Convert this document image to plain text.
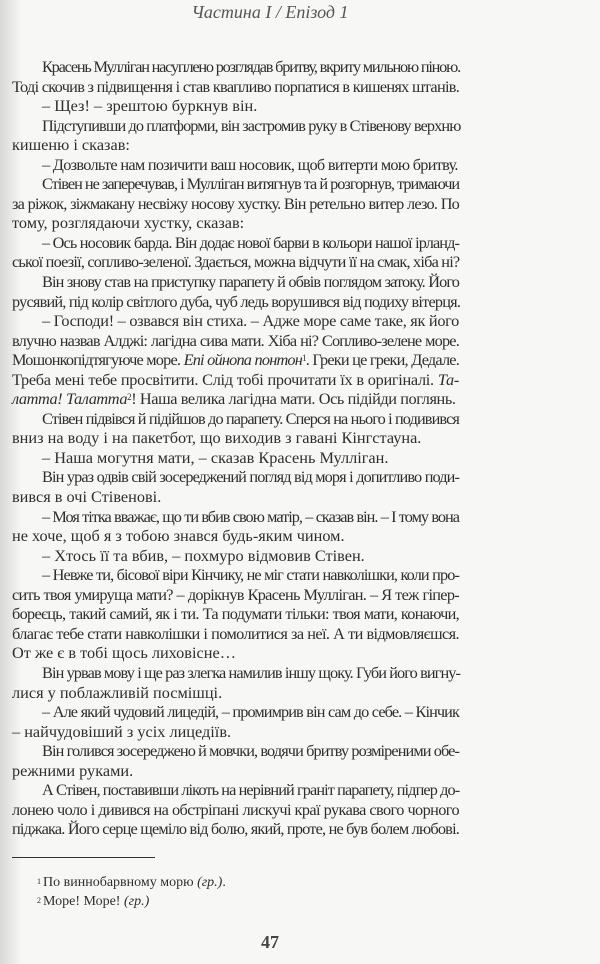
Частина I / Епізод 1
Красень Мулліган насуплено розглядав бритву, вкриту мильною піною.
Тоді скочив з підвищення і став квапливо порпатися в кишенях штанів.
– Щез! – зрештою буркнув він.
Підступивши до платформи, він застромив руку в Стівенову верхню
кишеню і сказав:
– Дозвольте нам позичити ваш носовик, щоб витерти мою бритву.
Стівен не заперечував, і Мулліган витягнув та й розгорнув, тримаючи
за ріжок, зіжмакану несвіжу носову хустку. Він ретельно витер лезо. По
тому, розглядаючи хустку, сказав:
– Ось носовик барда. Він додає нової барви в кольори нашої ірланд-
ської поезії, сопливо-зеленої. Здається, можна відчути її на смак, хіба ні?
Він знову став на приступку парапету й обвів поглядом затоку. Його
русявий, під колір світлого дуба, чуб ледь ворушився від подиху вітерця.
– Господи! – озвався він стиха. – Адже море саме таке, як його
влучно назвав Алджі: лагідна сива мати. Хіба ні? Сопливо-зелене море.
Мошонкопідтягуюче море. Епі ойнопа понтон$^1$. Греки це греки, Дедале.
Треба мені тебе просвітити. Слід тобі прочитати їх в оригіналі. Та-
латта! Талатта$^2$! Наша велика лагідна мати. Ось підійди поглянь.
Стівен підвівся й підійшов до парапету. Сперся на нього і подивився
вниз на воду і на пакетбот, що виходив з гавані Кінгстауна.
– Наша могутня мати, – сказав Красень Мулліган.
Він ураз одвів свій зосереджений погляд від моря і допитливо поди-
вився в очі Стівенові.
– Моя тітка вважає, що ти вбив свою матір, – сказав він. – І тому вона
не хоче, щоб я з тобою знався будь-яким чином.
– Хтось її та вбив, – похмуро відмовив Стівен.
– Невже ти, бісової віри Кінчику, не міг стати навколішки, коли про-
сить твоя умируща мати? – дорікнув Красень Мулліган. – Я теж гіпер-
бореєць, такий самий, як і ти. Та подумати тільки: твоя мати, конаючи,
благає тебе стати навколішки і помолитися за неї. А ти відмовляєшся.
От же є в тобі щось лиховісне…
Він урвав мову і ще раз злегка намилив іншу щоку. Губи його вигну-
лися у поблажливій посмішці.
– Але який чудовий лицедій, – промимрив він сам до себе. – Кінчик
– найчудовіший з усіх лицедіїв.
Він голився зосереджено й мовчки, водячи бритву розміреними обе-
режними руками.
А Стівен, поставивши лікоть на нерівний граніт парапету, підпер до-
лонею чоло і дивився на обстріпані лискучі краї рукава свого чорного
піджака. Його серце щеміло від болю, який, проте, не був болем любові.
$^1$ По виннобарвному морю (гр.).
$^2$ Море! Море! (гр.)
47
